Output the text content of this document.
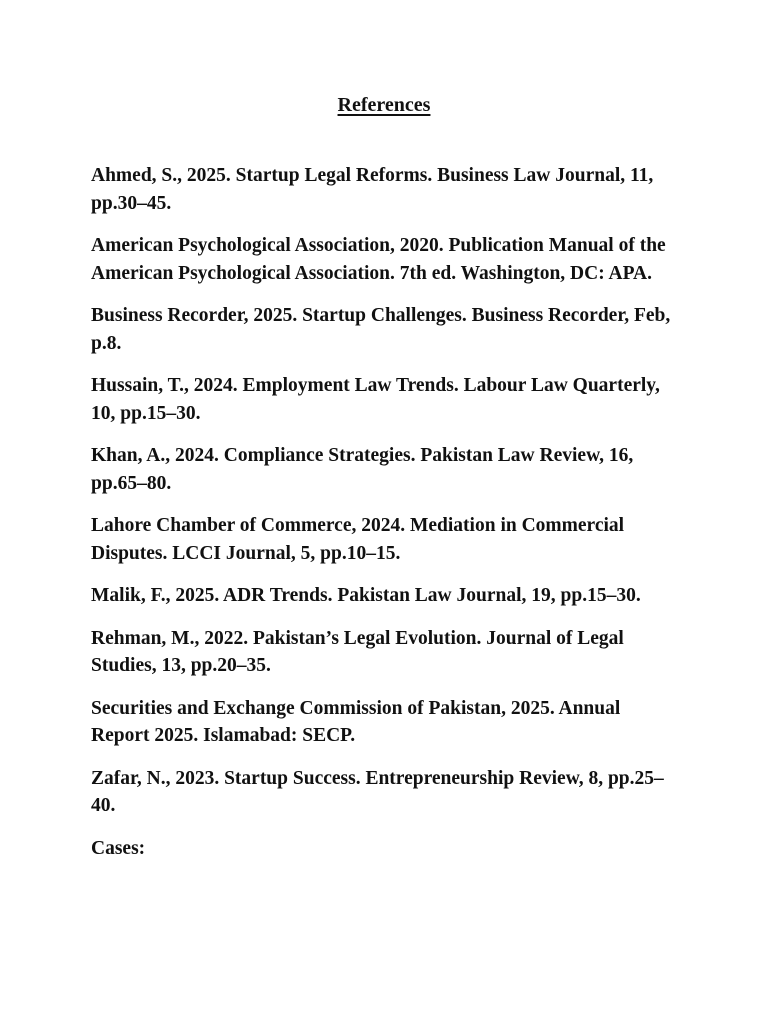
References

Ahmed, S., 2025. Startup Legal Reforms. Business Law Journal, 11, pp.30–45.

American Psychological Association, 2020. Publication Manual of the American Psychological Association. 7th ed. Washington, DC: APA.

Business Recorder, 2025. Startup Challenges. Business Recorder, Feb, p.8.

Hussain, T., 2024. Employment Law Trends. Labour Law Quarterly, 10, pp.15–30.

Khan, A., 2024. Compliance Strategies. Pakistan Law Review, 16, pp.65–80.

Lahore Chamber of Commerce, 2024. Mediation in Commercial Disputes. LCCI Journal, 5, pp.10–15.

Malik, F., 2025. ADR Trends. Pakistan Law Journal, 19, pp.15–30.

Rehman, M., 2022. Pakistan’s Legal Evolution. Journal of Legal Studies, 13, pp.20–35.

Securities and Exchange Commission of Pakistan, 2025. Annual Report 2025. Islamabad: SECP.

Zafar, N., 2023. Startup Success. Entrepreneurship Review, 8, pp.25–40.

Cases:
